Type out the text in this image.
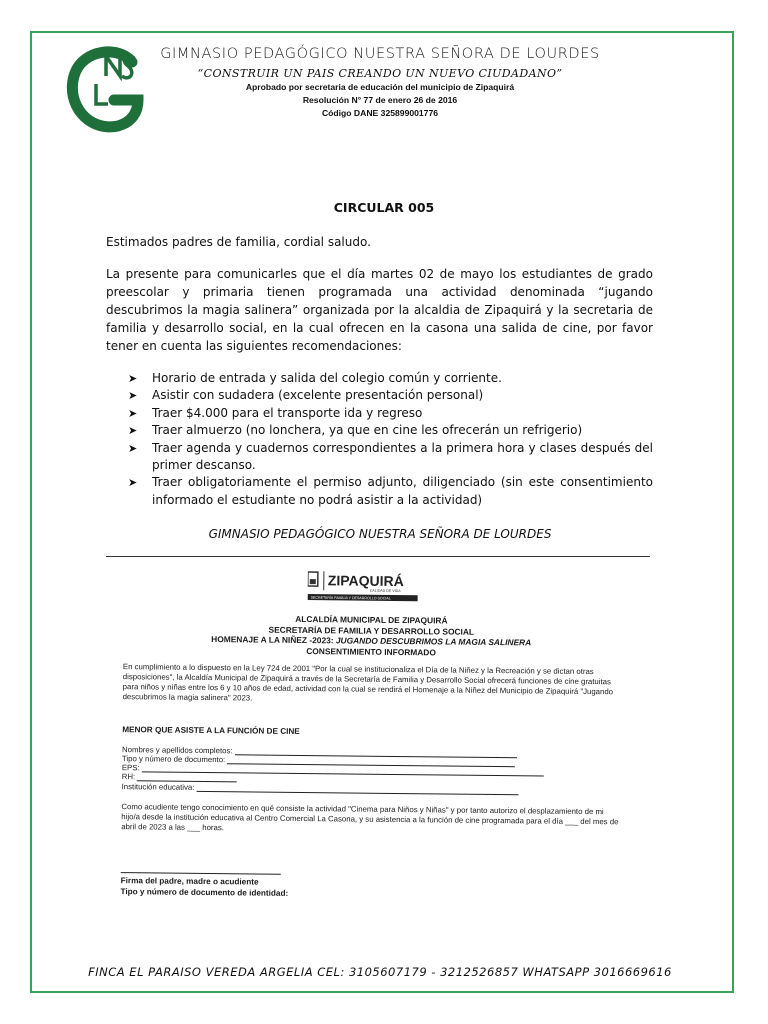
GIMNASIO PEDAGÓGICO NUESTRA SEÑORA DE LOURDES
“CONSTRUIR UN PAIS CREANDO UN NUEVO CIUDADANO”
Aprobado por secretaria de educación del municipio de Zipaquirá
Resolución N° 77 de enero 26 de 2016
Código DANE 325899001776
CIRCULAR 005
Estimados padres de familia, cordial saludo.
La presente para comunicarles que el día martes 02 de mayo los estudiantes de grado preescolar y primaria tienen programada una actividad denominada “jugando descubrimos la magia salinera” organizada por la alcaldia de Zipaquirá y la secretaria de familia y desarrollo social, en la cual ofrecen en la casona una salida de cine, por favor tener en cuenta las siguientes recomendaciones:
➤ Horario de entrada y salida del colegio común y corriente.
➤ Asistir con sudadera (excelente presentación personal)
➤ Traer $4.000 para el transporte ida y regreso
➤ Traer almuerzo (no lonchera, ya que en cine les ofrecerán un refrigerio)
➤ Traer agenda y cuadernos correspondientes a la primera hora y clases después del primer descanso.
➤ Traer obligatoriamente el permiso adjunto, diligenciado (sin este consentimiento informado el estudiante no podrá asistir a la actividad)
GIMNASIO PEDAGÓGICO NUESTRA SEÑORA DE LOURDES
ZIPAQUIRÁ
CALIDAD DE VIDA
SECRETARÍA FAMILIA Y DESARROLLO SOCIAL
ALCALDÍA MUNICIPAL DE ZIPAQUIRÁ
SECRETARÍA DE FAMILIA Y DESARROLLO SOCIAL
HOMENAJE A LA NIÑEZ -2023: JUGANDO DESCUBRIMOS LA MAGIA SALINERA
CONSENTIMIENTO INFORMADO
En cumplimiento a lo dispuesto en la Ley 724 de 2001 "Por la cual se institucionaliza el Día de la Niñez y la Recreación y se dictan otras disposiciones", la Alcaldía Municipal de Zipaquirá a través de la Secretaría de Familia y Desarrollo Social ofrecerá funciones de cine gratuitas para niños y niñas entre los 6 y 10 años de edad, actividad con la cual se rendirá el Homenaje a la Niñez del Municipio de Zipaquirá "Jugando descubrimos la magia salinera" 2023.
MENOR QUE ASISTE A LA FUNCIÓN DE CINE
Nombres y apellidos completos:
Tipo y número de documento:
EPS:
RH:
Institución educativa:
Como acudiente tengo conocimiento en qué consiste la actividad "Cinema para Niños y Niñas" y por tanto autorizo el desplazamiento de mi hijo/a desde la institución educativa al Centro Comercial La Casona, y su asistencia a la función de cine programada para el día ___ del mes de abril de 2023 a las ___ horas.
Firma del padre, madre o acudiente
Tipo y número de documento de identidad:
FINCA EL PARAISO VEREDA ARGELIA CEL: 3105607179 - 3212526857 WHATSAPP 3016669616
